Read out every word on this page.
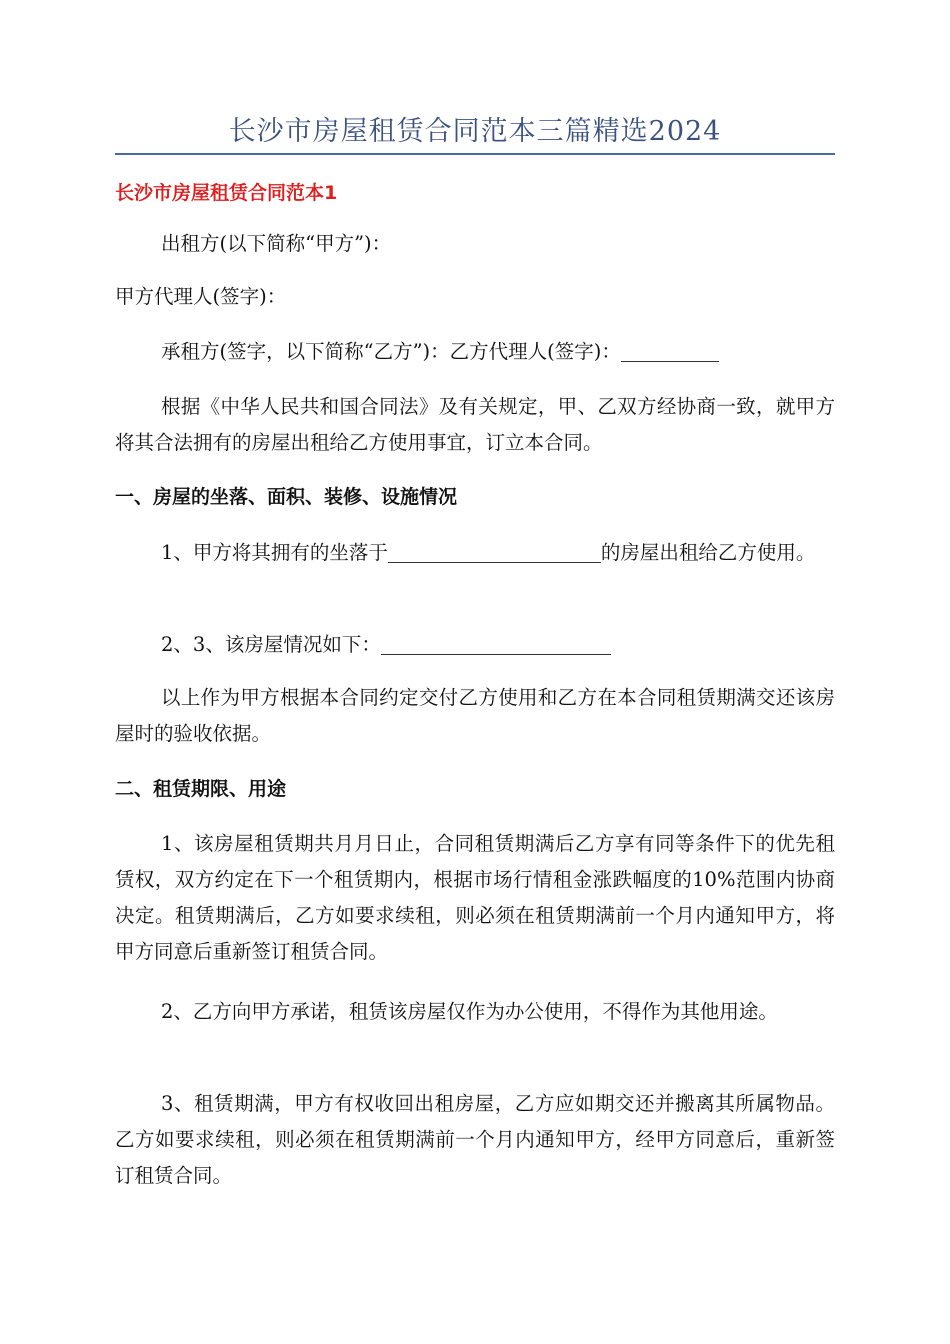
长沙市房屋租赁合同范本三篇精选2024
长沙市房屋租赁合同范本1

出租方(以下简称“甲方”)：

甲方代理人(签字)：

承租方(签字，以下简称“乙方”)：乙方代理人(签字)：

根据《中华人民共和国合同法》及有关规定，甲、乙双方经协商一致，就甲方将其合法拥有的房屋出租给乙方使用事宜，订立本合同。

一、房屋的坐落、面积、装修、设施情况

1、甲方将其拥有的坐落于	的房屋出租给乙方使用。

2、3、该房屋情况如下：

以上作为甲方根据本合同约定交付乙方使用和乙方在本合同租赁期满交还该房屋时的验收依据。

二、租赁期限、用途

1、该房屋租赁期共月月日止，合同租赁期满后乙方享有同等条件下的优先租赁权，双方约定在下一个租赁期内，根据市场行情租金涨跌幅度的10%范围内协商决定。租赁期满后，乙方如要求续租，则必须在租赁期满前一个月内通知甲方，将甲方同意后重新签订租赁合同。

2、乙方向甲方承诺，租赁该房屋仅作为办公使用，不得作为其他用途。

3、租赁期满，甲方有权收回出租房屋，乙方应如期交还并搬离其所属物品。乙方如要求续租，则必须在租赁期满前一个月内通知甲方，经甲方同意后，重新签订租赁合同。
